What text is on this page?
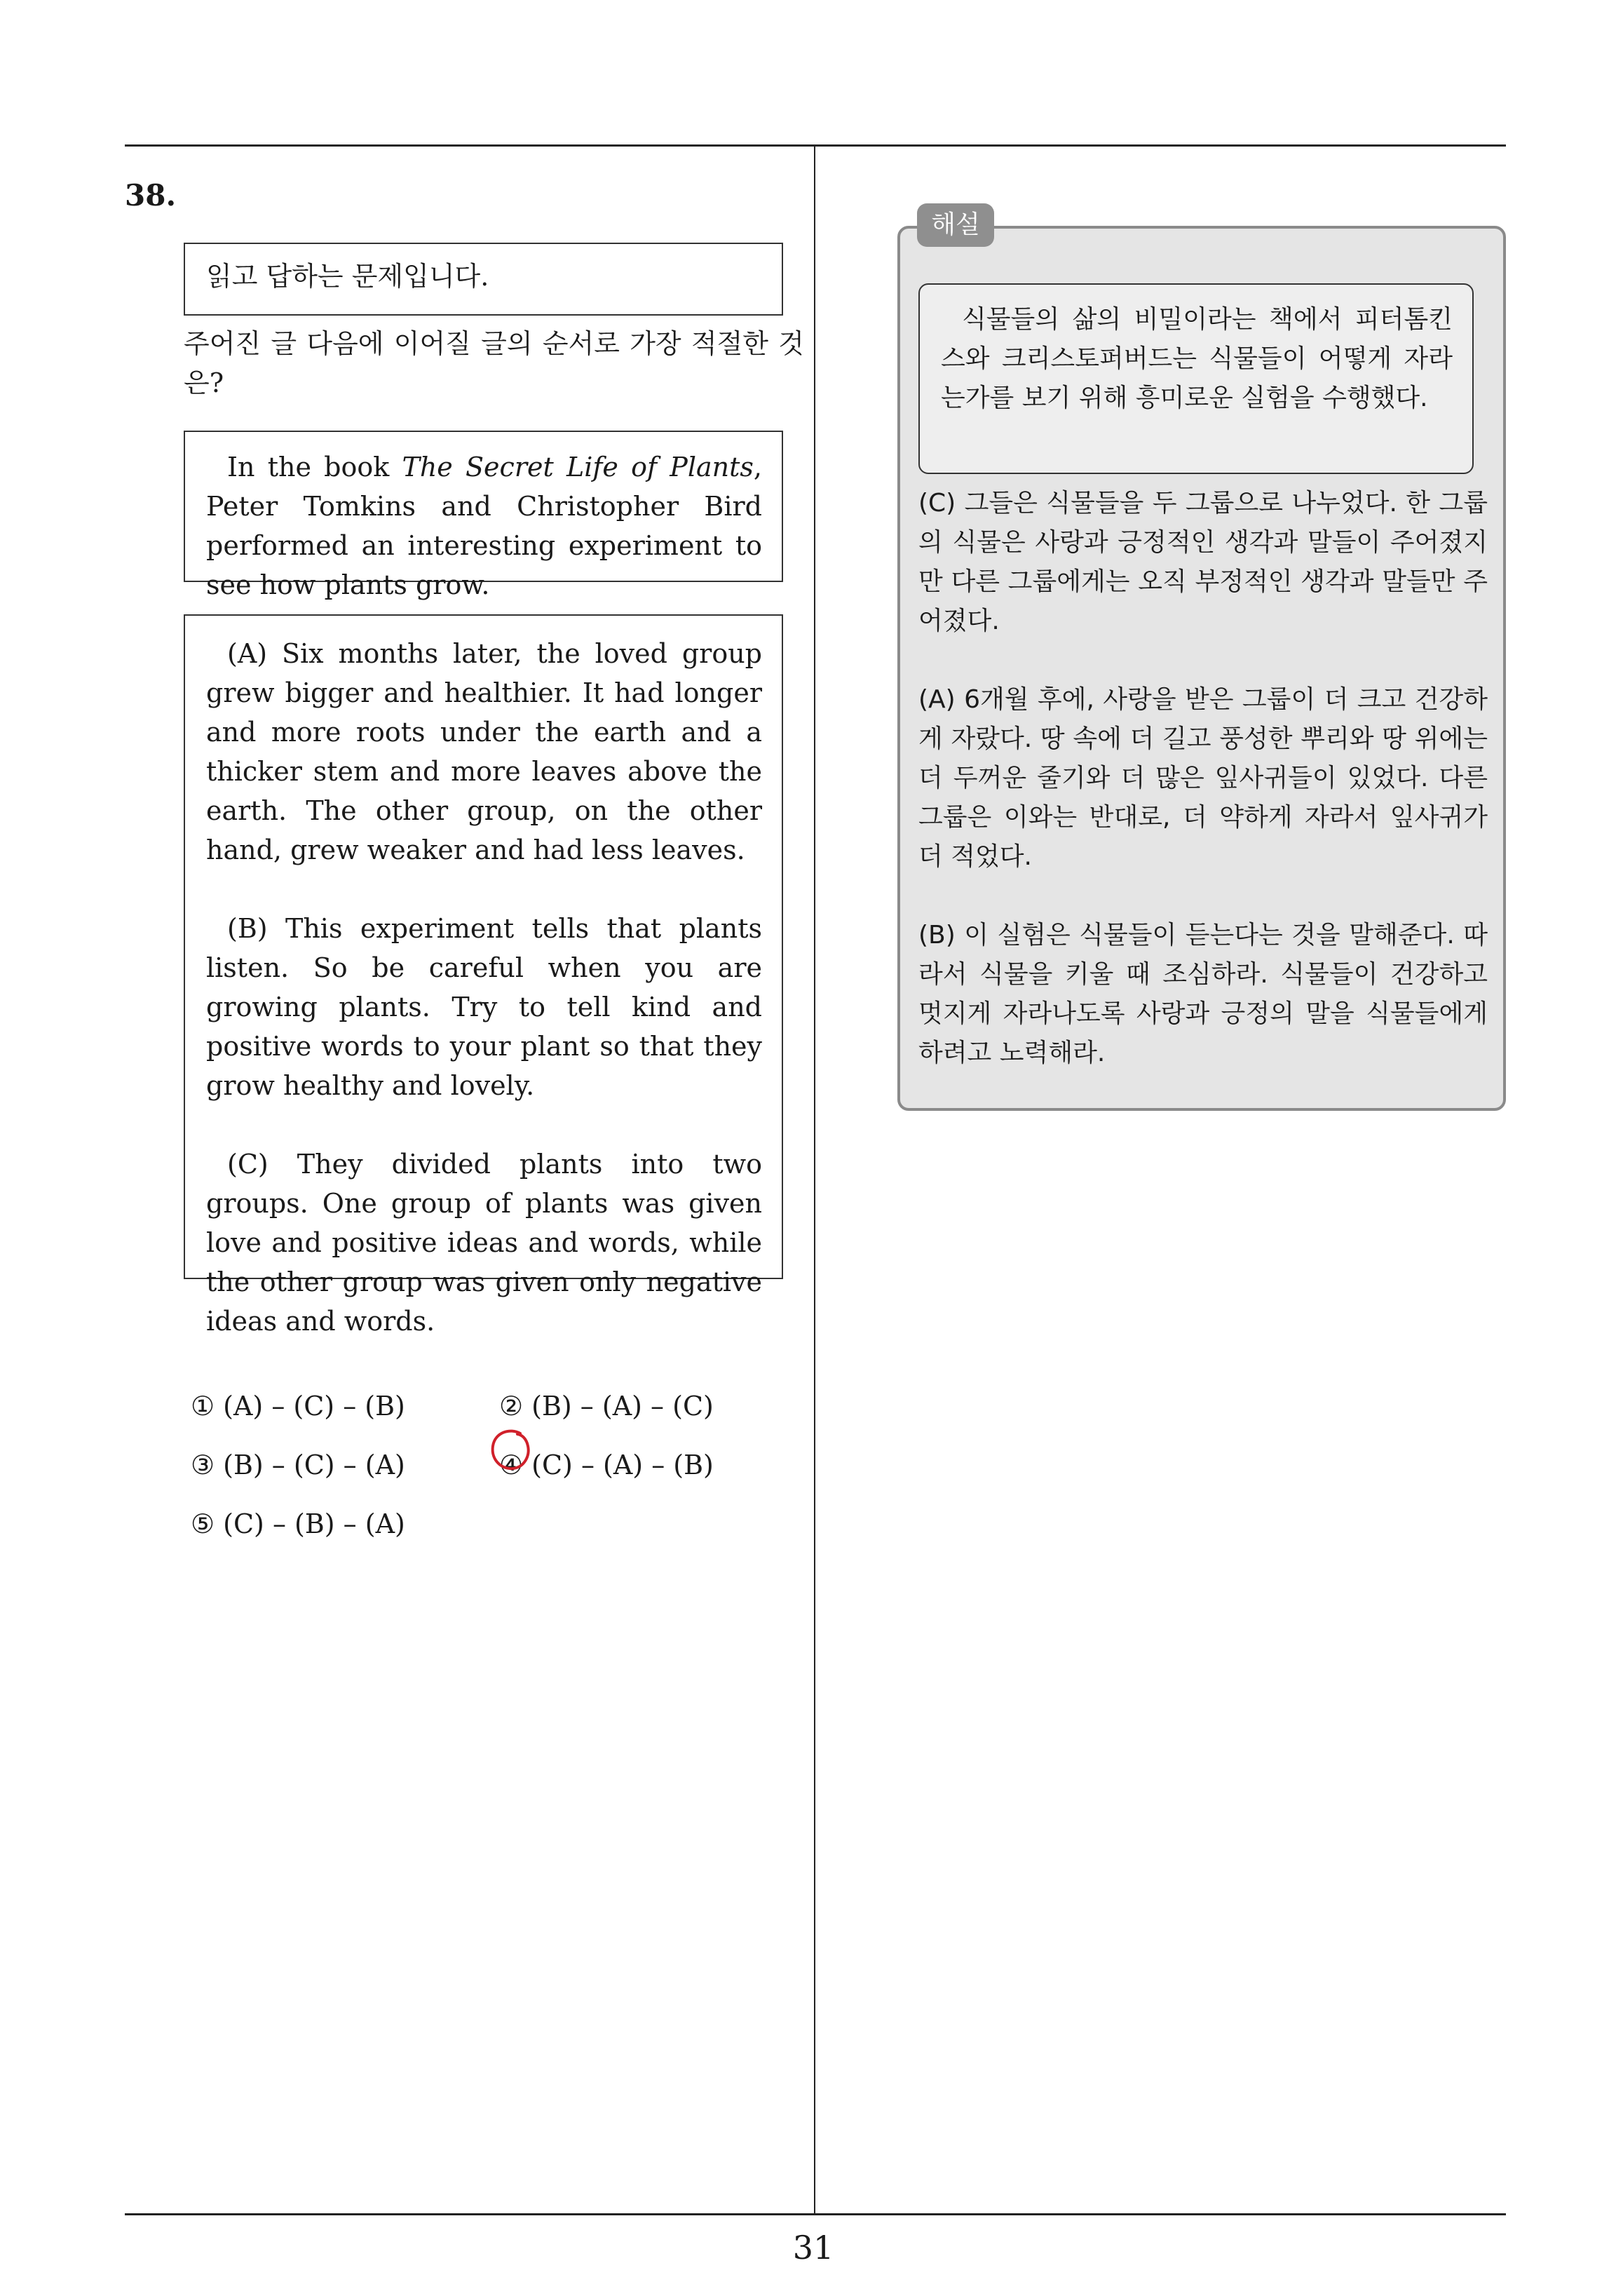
38.
읽고 답하는 문제입니다.
주어진 글 다음에 이어질 글의 순서로 가장 적절한 것은?

In the book The Secret Life of Plants, Peter Tomkins and Christopher Bird performed an interesting experiment to see how plants grow.

(A) Six months later, the loved group grew bigger and healthier. It had longer and more roots under the earth and a thicker stem and more leaves above the earth. The other group, on the other hand, grew weaker and had less leaves.

(B) This experiment tells that plants listen. So be careful when you are growing plants. Try to tell kind and positive words to your plant so that they grow healthy and lovely.

(C) They divided plants into two groups. One group of plants was given love and positive ideas and words, while the other group was given only negative ideas and words.

① (A) – (C) – (B)	② (B) – (A) – (C)
③ (B) – (C) – (A)	④ (C) – (A) – (B)
⑤ (C) – (B) – (A)
해설

식물들의 삶의 비밀이라는 책에서 피터톰킨스와 크리스토퍼버드는 식물들이 어떻게 자라는가를 보기 위해 흥미로운 실험을 수행했다.

(C) 그들은 식물들을 두 그룹으로 나누었다. 한 그룹의 식물은 사랑과 긍정적인 생각과 말들이 주어졌지만 다른 그룹에게는 오직 부정적인 생각과 말들만 주어졌다.

(A) 6개월 후에, 사랑을 받은 그룹이 더 크고 건강하게 자랐다. 땅 속에 더 길고 풍성한 뿌리와 땅 위에는 더 두꺼운 줄기와 더 많은 잎사귀들이 있었다. 다른 그룹은 이와는 반대로, 더 약하게 자라서 잎사귀가 더 적었다.

(B) 이 실험은 식물들이 듣는다는 것을 말해준다. 따라서 식물을 키울 때 조심하라. 식물들이 건강하고 멋지게 자라나도록 사랑과 긍정의 말을 식물들에게 하려고 노력해라.

31
